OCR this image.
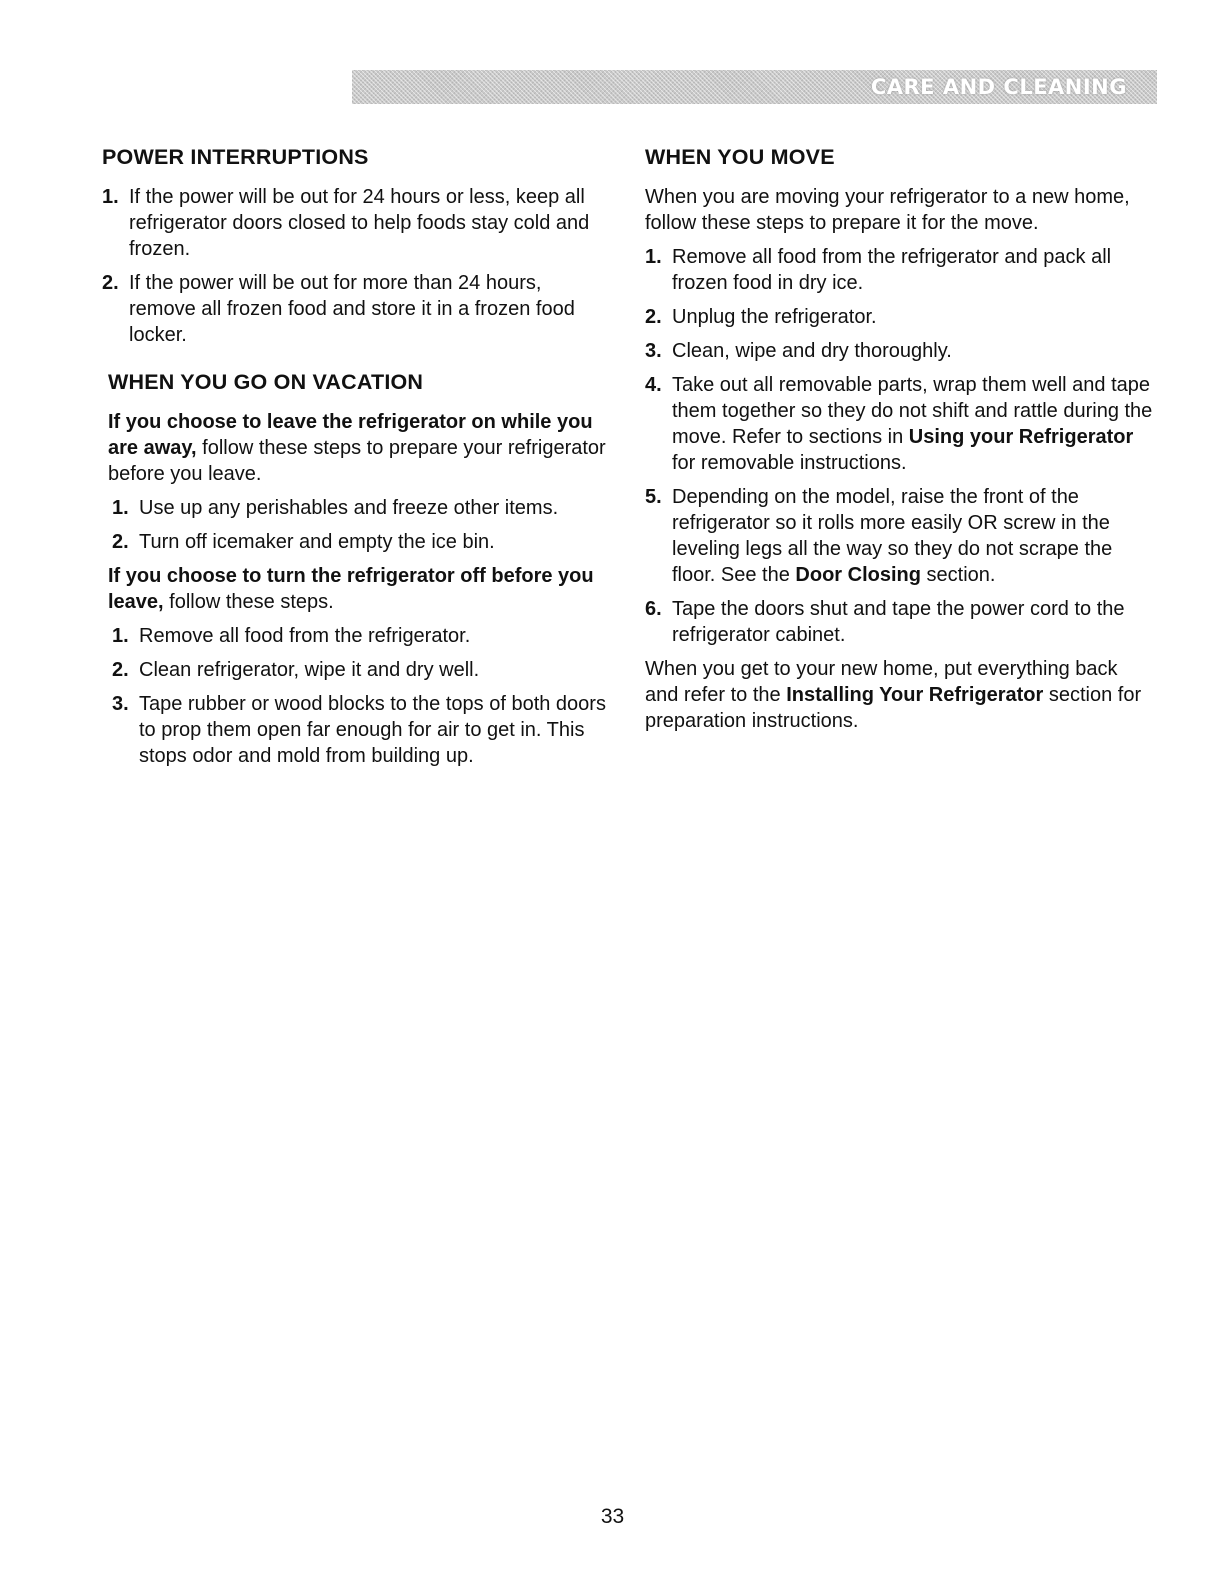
CARE AND CLEANING
POWER INTERRUPTIONS
1. If the power will be out for 24 hours or less, keep all refrigerator doors closed to help foods stay cold and frozen.
2. If the power will be out for more than 24 hours, remove all frozen food and store it in a frozen food locker.
WHEN YOU GO ON VACATION

If you choose to leave the refrigerator on while you are away, follow these steps to prepare your refrigerator before you leave.

1. Use up any perishables and freeze other items.
2. Turn off icemaker and empty the ice bin.

If you choose to turn the refrigerator off before you leave, follow these steps.

1. Remove all food from the refrigerator.
2. Clean refrigerator, wipe it and dry well.
3. Tape rubber or wood blocks to the tops of both doors to prop them open far enough for air to get in. This stops odor and mold from building up.
WHEN YOU MOVE

When you are moving your refrigerator to a new home, follow these steps to prepare it for the move.

1. Remove all food from the refrigerator and pack all frozen food in dry ice.
2. Unplug the refrigerator.
3. Clean, wipe and dry thoroughly.
4. Take out all removable parts, wrap them well and tape them together so they do not shift and rattle during the move. Refer to sections in Using your Refrigerator for removable instructions.
5. Depending on the model, raise the front of the refrigerator so it rolls more easily OR screw in the leveling legs all the way so they do not scrape the floor. See the Door Closing section.
6. Tape the doors shut and tape the power cord to the refrigerator cabinet.

When you get to your new home, put everything back and refer to the Installing Your Refrigerator section for preparation instructions.

33
